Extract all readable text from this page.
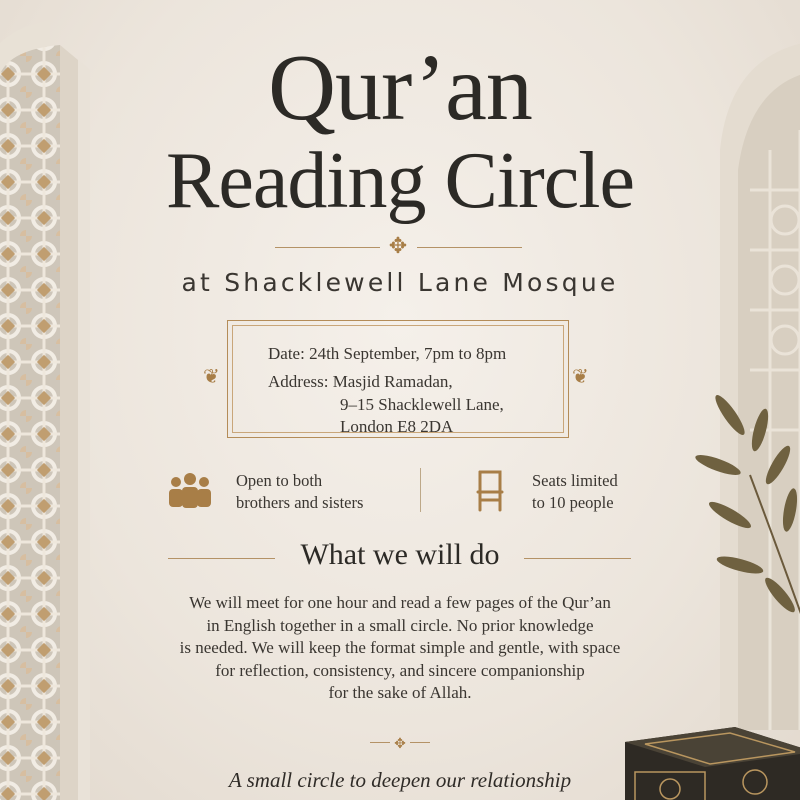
Qur’an
Reading Circle
✥
at Shacklewell Lane Mosque
❦	❦
Date: 24th September, 7pm to 8pm
Address: Masjid Ramadan,
9–15 Shacklewell Lane,
London E8 2DA
Open to both
brothers and sisters
Seats limited
to 10 people
What we will do
We will meet for one hour and read a few pages of the Qur’an
in English together in a small circle. No prior knowledge
is needed. We will keep the format simple and gentle, with space
for reflection, consistency, and sincere companionship
for the sake of Allah.
✥
A small circle to deepen our relationship
